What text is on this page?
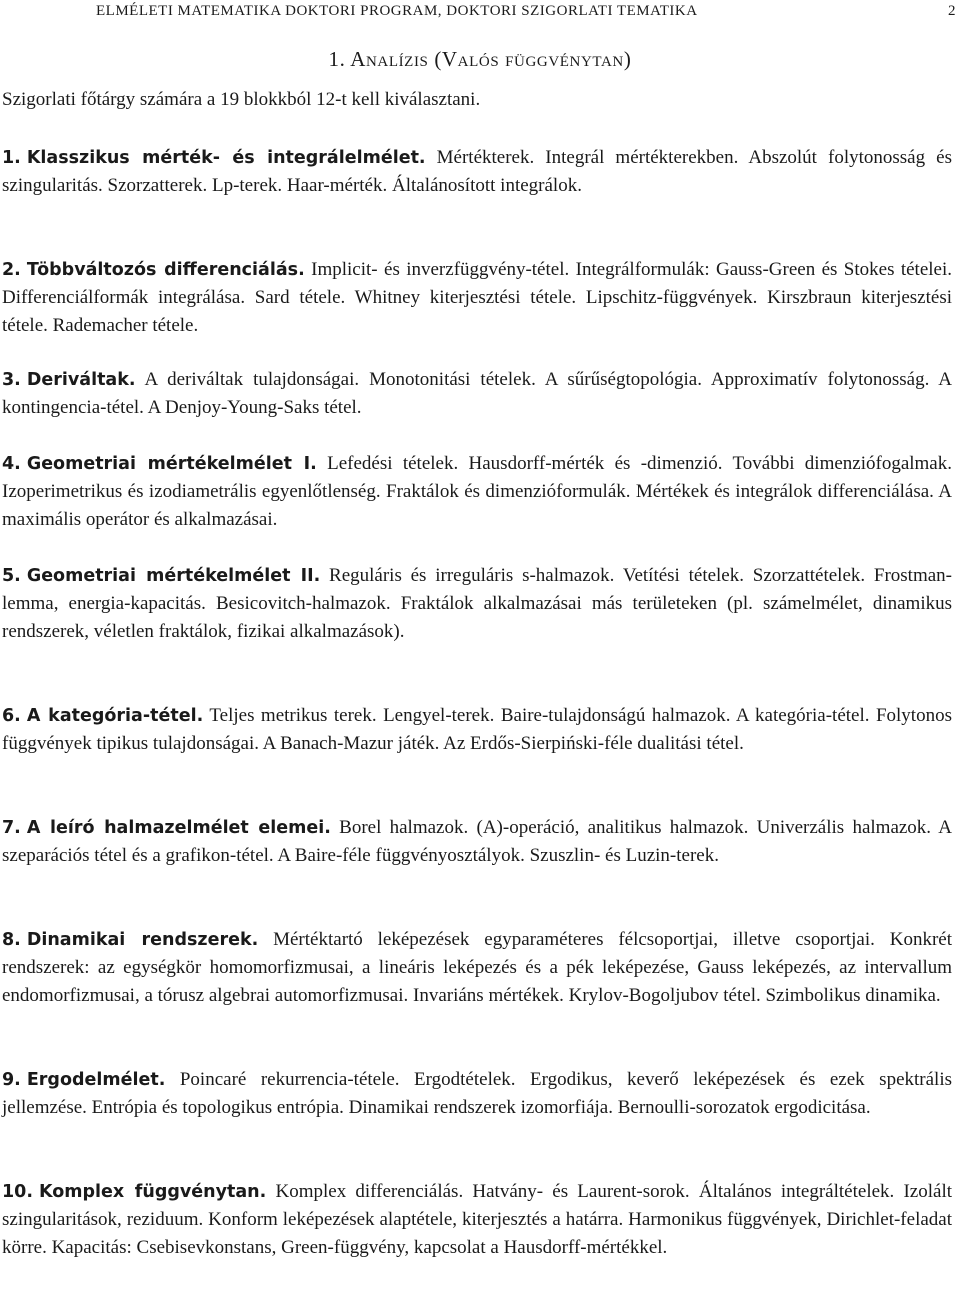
ELMÉLETI MATEMATIKA DOKTORI PROGRAM, DOKTORI SZIGORLATI TEMATIKA	2
1. Analízis (Valós függvénytan)
Szigorlati főtárgy számára a 19 blokkból 12-t kell kiválasztani.
1. Klasszikus mérték- és integrálelmélet. Mértékterek. Integrál mértékterekben. Abszolút folytonosság és szingularitás. Szorzatterek. Lp-terek. Haar-mérték. Általánosított integrálok.
2. Többváltozós differenciálás. Implicit- és inverzfüggvény-tétel. Integrálformulák: Gauss-Green és Stokes tételei. Differenciálformák integrálása. Sard tétele. Whitney kiterjesztési tétele. Lipschitz-függvények. Kirszbraun kiterjesztési tétele. Rademacher tétele.
3. Deriváltak. A deriváltak tulajdonságai. Monotonitási tételek. A sűrűségtopológia. Approximatív folytonosság. A kontingencia-tétel. A Denjoy-Young-Saks tétel.
4. Geometriai mértékelmélet I. Lefedési tételek. Hausdorff-mérték és -dimenzió. További dimenziófogalmak. Izoperimetrikus és izodiametrális egyenlőtlenség. Fraktálok és dimenzióformulák. Mértékek és integrálok differenciálása. A maximális operátor és alkalmazásai.
5. Geometriai mértékelmélet II. Reguláris és irreguláris s-halmazok. Vetítési tételek. Szorzattételek. Frostman-lemma, energia-kapacitás. Besicovitch-halmazok. Fraktálok alkalmazásai más területeken (pl. számelmélet, dinamikus rendszerek, véletlen fraktálok, fizikai alkalmazások).
6. A kategória-tétel. Teljes metrikus terek. Lengyel-terek. Baire-tulajdonságú halmazok. A kategória-tétel. Folytonos függvények tipikus tulajdonságai. A Banach-Mazur játék. Az Erdős-Sierpiński-féle dualitási tétel.
7. A leíró halmazelmélet elemei. Borel halmazok. (A)-operáció, analitikus halmazok. Univerzális halmazok. A szeparációs tétel és a grafikon-tétel. A Baire-féle függvényosztályok. Szuszlin- és Luzin-terek.
8. Dinamikai rendszerek. Mértéktartó leképezések egyparaméteres félcsoportjai, illetve csoportjai. Konkrét rendszerek: az egységkör homomorfizmusai, a lineáris leképezés és a pék leképezése, Gauss leképezés, az intervallum endomorfizmusai, a tórusz algebrai automorfizmusai. Invariáns mértékek. Krylov-Bogoljubov tétel. Szimbolikus dinamika.
9. Ergodelmélet. Poincaré rekurrencia-tétele. Ergodtételek. Ergodikus, keverő leképezések és ezek spektrális jellemzése. Entrópia és topologikus entrópia. Dinamikai rendszerek izomorfiája. Bernoulli-sorozatok ergodicitása.
10. Komplex függvénytan. Komplex differenciálás. Hatvány- és Laurent-sorok. Általános integráltételek. Izolált szingularitások, reziduum. Konform leképezések alaptétele, kiterjesztés a határra. Harmonikus függvények, Dirichlet-feladat körre. Kapacitás: Csebisevkonstans, Green-függvény, kapcsolat a Hausdorff-mértékkel.
